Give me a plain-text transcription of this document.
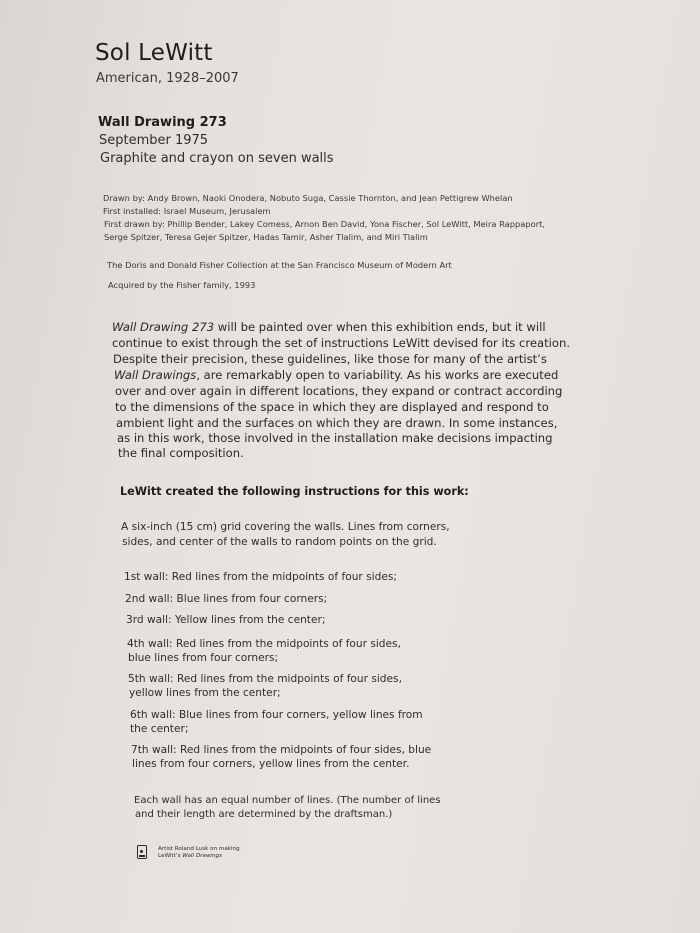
Sol LeWitt
American, 1928–2007
Wall Drawing 273
September 1975
Graphite and crayon on seven walls
Drawn by: Andy Brown, Naoki Onodera, Nobuto Suga, Cassie Thornton, and Jean Pettigrew Whelan
First installed: Israel Museum, Jerusalem
First drawn by: Phillip Bender, Lakey Comess, Arnon Ben David, Yona Fischer, Sol LeWitt, Meira Rappaport,
Serge Spitzer, Teresa Gejer Spitzer, Hadas Tamir, Asher Tlalim, and Miri Tlalim
The Doris and Donald Fisher Collection at the San Francisco Museum of Modern Art
Acquired by the Fisher family, 1993
Wall Drawing 273 will be painted over when this exhibition ends, but it will
continue to exist through the set of instructions LeWitt devised for its creation.
Despite their precision, these guidelines, like those for many of the artist’s
Wall Drawings, are remarkably open to variability. As his works are executed
over and over again in different locations, they expand or contract according
to the dimensions of the space in which they are displayed and respond to
ambient light and the surfaces on which they are drawn. In some instances,
as in this work, those involved in the installation make decisions impacting
the final composition.
LeWitt created the following instructions for this work:
A six-inch (15 cm) grid covering the walls. Lines from corners,
sides, and center of the walls to random points on the grid.
1st wall: Red lines from the midpoints of four sides;
2nd wall: Blue lines from four corners;
3rd wall: Yellow lines from the center;
4th wall: Red lines from the midpoints of four sides,
blue lines from four corners;
5th wall: Red lines from the midpoints of four sides,
yellow lines from the center;
6th wall: Blue lines from four corners, yellow lines from
the center;
7th wall: Red lines from the midpoints of four sides, blue
lines from four corners, yellow lines from the center.
Each wall has an equal number of lines. (The number of lines
and their length are determined by the draftsman.)
Artist Roland Lusk on making
LeWitt’s Wall Drawings
